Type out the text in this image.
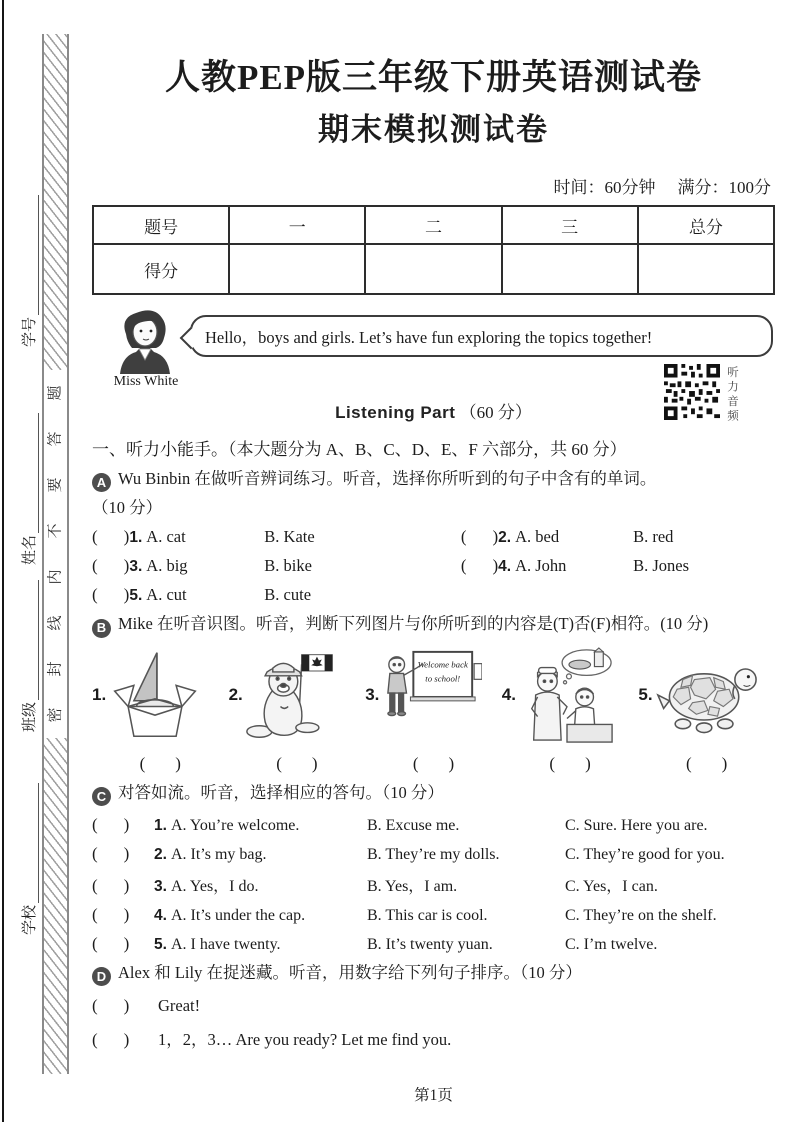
题
答
要
不
内
线
封
密
学号
姓名
班级
学校
人教PEP版三年级下册英语测试卷
期末模拟测试卷
时间：60分钟 满分：100分
题号	一	二	三	总分
得分				
Miss White
Hello，boys and girls. Let’s have fun exploring the topics together!
Listening Part （60 分）	听力音频
一、听力小能手。（本大题分为 A、B、C、D、E、F 六部分，共 60 分）
A Wu Binbin 在做听音辨词练习。听音，选择你所听到的句子中含有的单词。
（10 分）
( ) 1. A. cat	B. Kate	( ) 2. A. bed	B. red
( ) 3. A. big	B. bike	( ) 4. A. John	B. Jones
( ) 5. A. cut	B. cute
B Mike 在听音识图。听音，判断下列图片与你所听到的内容是(T)否(F)相符。(10 分)
1.	2.	3.
Welcome back
to school!
4.	5.
( )	( )	( )	( )	( )
C 对答如流。听音，选择相应的答句。（10 分）
( )	1. A. You’re welcome.	B. Excuse me.	C. Sure. Here you are.
( )	2. A. It’s my bag.	B. They’re my dolls.	C. They’re good for you.
( )	3. A. Yes，I do.	B. Yes，I am.	C. Yes，I can.
( )	4. A. It’s under the cap.	B. This car is cool.	C. They’re on the shelf.
( )	5. A. I have twenty.	B. It’s twenty yuan.	C. I’m twelve.
D Alex 和 Lily 在捉迷藏。听音，用数字给下列句子排序。（10 分）
( )	Great!
( )	1，2，3… Are you ready? Let me find you.
第1页
